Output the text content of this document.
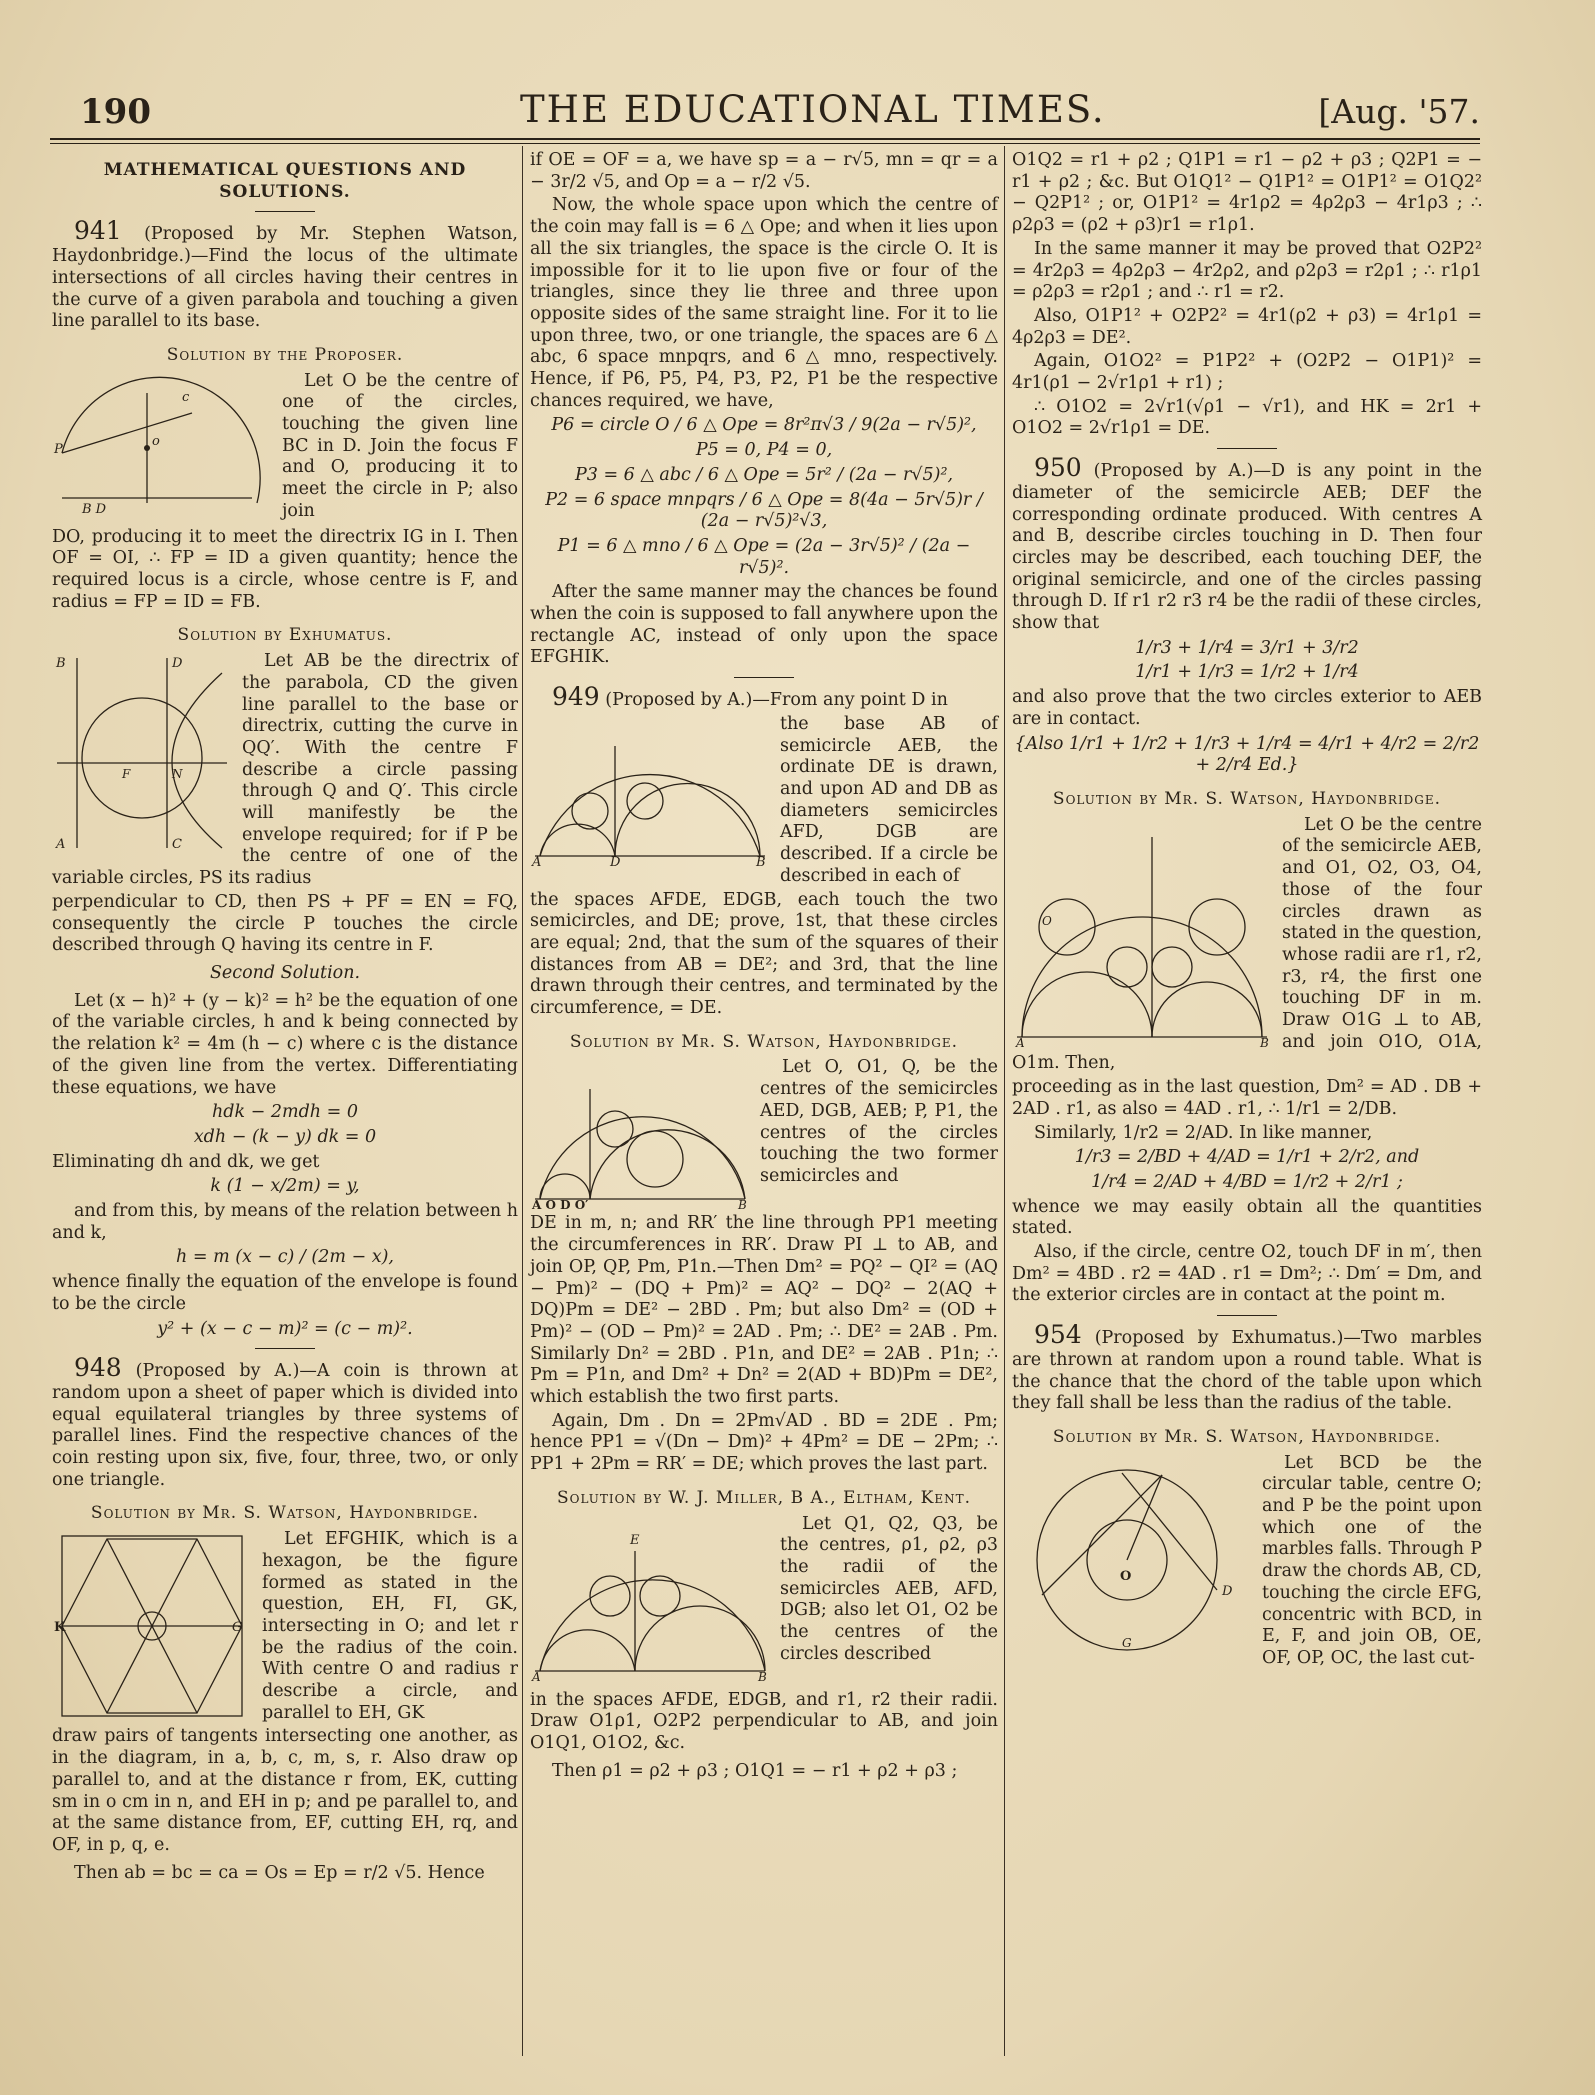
190	THE EDUCATIONAL TIMES.	[Aug. '57.
MATHEMATICAL QUESTIONS AND SOLUTIONS.

941 (Proposed by Mr. Stephen Watson, Haydonbridge.)—Find the locus of the ultimate intersections of all circles having their centres in the curve of a given parabola and touching a given line parallel to its base.

Solution by the Proposer.
o
P
c
B D

Let O be the centre of one of the circles, touching the given line BC in D. Join the focus F and O, producing it to meet the circle in P; also join

DO, producing it to meet the directrix IG in I. Then OF = OI, ∴ FP = ID a given quantity; hence the required locus is a circle, whose centre is F, and radius = FP = ID = FB.

Solution by Exhumatus.
B	D
A	C
F	N

Let AB be the directrix of the parabola, CD the given line parallel to the base or directrix, cutting the curve in QQ′. With the centre F describe a circle passing through Q and Q′. This circle will manifestly be the envelope required; for if P be the centre of one of the variable circles, PS its radius

perpendicular to CD, then PS + PF = EN = FQ, consequently the circle P touches the circle described through Q having its centre in F.

Second Solution.

Let (x − h)² + (y − k)² = h² be the equation of one of the variable circles, h and k being connected by the relation k² = 4m (h − c) where c is the distance of the given line from the vertex. Differentiating these equations, we have

hdk − 2mdh = 0
xdh − (k − y) dk = 0

Eliminating dh and dk, we get

k (1 − x/2m) = y,

and from this, by means of the relation between h and k,

h = m (x − c) / (2m − x),

whence finally the equation of the envelope is found to be the circle

y² + (x − c − m)² = (c − m)².

948 (Proposed by A.)—A coin is thrown at random upon a sheet of paper which is divided into equal equilateral triangles by three systems of parallel lines. Find the respective chances of the coin resting upon six, five, four, three, two, or only one triangle.

Solution by Mr. S. Watson, Haydonbridge.
K	G

Let EFGHIK, which is a hexagon, be the figure formed as stated in the question, EH, FI, GK, intersecting in O; and let r be the radius of the coin. With centre O and radius r describe a circle, and parallel to EH, GK

draw pairs of tangents intersecting one another, as in the diagram, in a, b, c, m, s, r. Also draw op parallel to, and at the distance r from, EK, cutting sm in o cm in n, and EH in p; and pe parallel to, and at the same distance from, EF, cutting EH, rq, and OF, in p, q, e.

Then ab = bc = ca = Os = Ep = r/2 √5. Hence

if OE = OF = a, we have sp = a − r√5, mn = qr = a − 3r/2 √5, and Op = a − r/2 √5.

Now, the whole space upon which the centre of the coin may fall is = 6 △ Ope; and when it lies upon all the six triangles, the space is the circle O. It is impossible for it to lie upon five or four of the triangles, since they lie three and three upon opposite sides of the same straight line. For it to lie upon three, two, or one triangle, the spaces are 6 △ abc, 6 space mnpqrs, and 6 △ mno, respectively. Hence, if P6, P5, P4, P3, P2, P1 be the respective chances required, we have,

P6 = circle O / 6 △ Ope = 8r²π√3 / 9(2a − r√5)²,
P5 = 0, P4 = 0,
P3 = 6 △ abc / 6 △ Ope = 5r² / (2a − r√5)²,
P2 = 6 space mnpqrs / 6 △ Ope = 8(4a − 5r√5)r / (2a − r√5)²√3,
P1 = 6 △ mno / 6 △ Ope = (2a − 3r√5)² / (2a − r√5)².

After the same manner may the chances be found when the coin is supposed to fall anywhere upon the rectangle AC, instead of only upon the space EFGHIK.

949 (Proposed by A.)—From any point D in

A	D	B

the base AB of semicircle AEB, the ordinate DE is drawn, and upon AD and DB as diameters semicircles AFD, DGB are described. If a circle be described in each of

the spaces AFDE, EDGB, each touch the two semicircles, and DE; prove, 1st, that these circles are equal; 2nd, that the sum of the squares of their distances from AB = DE²; and 3rd, that the line drawn through their centres, and terminated by the circumference, = DE.

Solution by Mr. S. Watson, Haydonbridge.
A O D O′	B

Let O, O1, Q, be the centres of the semicircles AED, DGB, AEB; P, P1, the centres of the circles touching the two former semicircles and

DE in m, n; and RR′ the line through PP1 meeting the circumferences in RR′. Draw PI ⊥ to AB, and join OP, QP, Pm, P1n.—Then Dm² = PQ² − QI² = (AQ − Pm)² − (DQ + Pm)² = AQ² − DQ² − 2(AQ + DQ)Pm = DE² − 2BD . Pm; but also Dm² = (OD + Pm)² − (OD − Pm)² = 2AD . Pm; ∴ DE² = 2AB . Pm. Similarly Dn² = 2BD . P1n, and DE² = 2AB . P1n; ∴ Pm = P1n, and Dm² + Dn² = 2(AD + BD)Pm = DE², which establish the two first parts.

Again, Dm . Dn = 2Pm√AD . BD = 2DE . Pm; hence PP1 = √(Dn − Dm)² + 4Pm² = DE − 2Pm; ∴ PP1 + 2Pm = RR′ = DE; which proves the last part.

Solution by W. J. Miller, B A., Eltham, Kent.
E
A	B

Let Q1, Q2, Q3, be the centres, ρ1, ρ2, ρ3 the radii of the semicircles AEB, AFD, DGB; also let O1, O2 be the centres of the circles described

in the spaces AFDE, EDGB, and r1, r2 their radii. Draw O1ρ1, O2P2 perpendicular to AB, and join O1Q1, O1O2, &c.

Then ρ1 = ρ2 + ρ3 ; O1Q1 = − r1 + ρ2 + ρ3 ;

O1Q2 = r1 + ρ2 ; Q1P1 = r1 − ρ2 + ρ3 ; Q2P1 = − r1 + ρ2 ; &c. But O1Q1² − Q1P1² = O1P1² = O1Q2² − Q2P1² ; or, O1P1² = 4r1ρ2 = 4ρ2ρ3 − 4r1ρ3 ; ∴ ρ2ρ3 = (ρ2 + ρ3)r1 = r1ρ1.

In the same manner it may be proved that O2P2² = 4r2ρ3 = 4ρ2ρ3 − 4r2ρ2, and ρ2ρ3 = r2ρ1 ; ∴ r1ρ1 = ρ2ρ3 = r2ρ1 ; and ∴ r1 = r2.

Also, O1P1² + O2P2² = 4r1(ρ2 + ρ3) = 4r1ρ1 = 4ρ2ρ3 = DE².

Again, O1O2² = P1P2² + (O2P2 − O1P1)² = 4r1(ρ1 − 2√r1ρ1 + r1) ;

∴ O1O2 = 2√r1(√ρ1 − √r1), and HK = 2r1 + O1O2 = 2√r1ρ1 = DE.

950 (Proposed by A.)—D is any point in the diameter of the semicircle AEB; DEF the corresponding ordinate produced. With centres A and B, describe circles touching in D. Then four circles may be described, each touching DEF, the original semicircle, and one of the circles passing through D. If r1 r2 r3 r4 be the radii of these circles, show that

1/r3 + 1/r4 = 3/r1 + 3/r2
1/r1 + 1/r3 = 1/r2 + 1/r4

and also prove that the two circles exterior to AEB are in contact.

{Also 1/r1 + 1/r2 + 1/r3 + 1/r4 = 4/r1 + 4/r2 = 2/r2 + 2/r4 Ed.}
Solution by Mr. S. Watson, Haydonbridge.
O
A	B

Let O be the centre of the semicircle AEB, and O1, O2, O3, O4, those of the four circles drawn as stated in the question, whose radii are r1, r2, r3, r4, the first one touching DF in m. Draw O1G ⊥ to AB, and join O1O, O1A, O1m. Then,

proceeding as in the last question, Dm² = AD . DB + 2AD . r1, as also = 4AD . r1, ∴ 1/r1 = 2/DB.

Similarly, 1/r2 = 2/AD. In like manner,

1/r3 = 2/BD + 4/AD = 1/r1 + 2/r2, and
1/r4 = 2/AD + 4/BD = 1/r2 + 2/r1 ;

whence we may easily obtain all the quantities stated.

Also, if the circle, centre O2, touch DF in m′, then Dm² = 4BD . r2 = 4AD . r1 = Dm²; ∴ Dm′ = Dm, and the exterior circles are in contact at the point m.

954 (Proposed by Exhumatus.)—Two marbles are thrown at random upon a round table. What is the chance that the chord of the table upon which they fall shall be less than the radius of the table.

Solution by Mr. S. Watson, Haydonbridge.
O
G
D

Let BCD be the circular table, centre O; and P be the point upon which one of the marbles falls. Through P draw the chords AB, CD, touching the circle EFG, concentric with BCD, in E, F, and join OB, OE, OF, OP, OC, the last cut-
